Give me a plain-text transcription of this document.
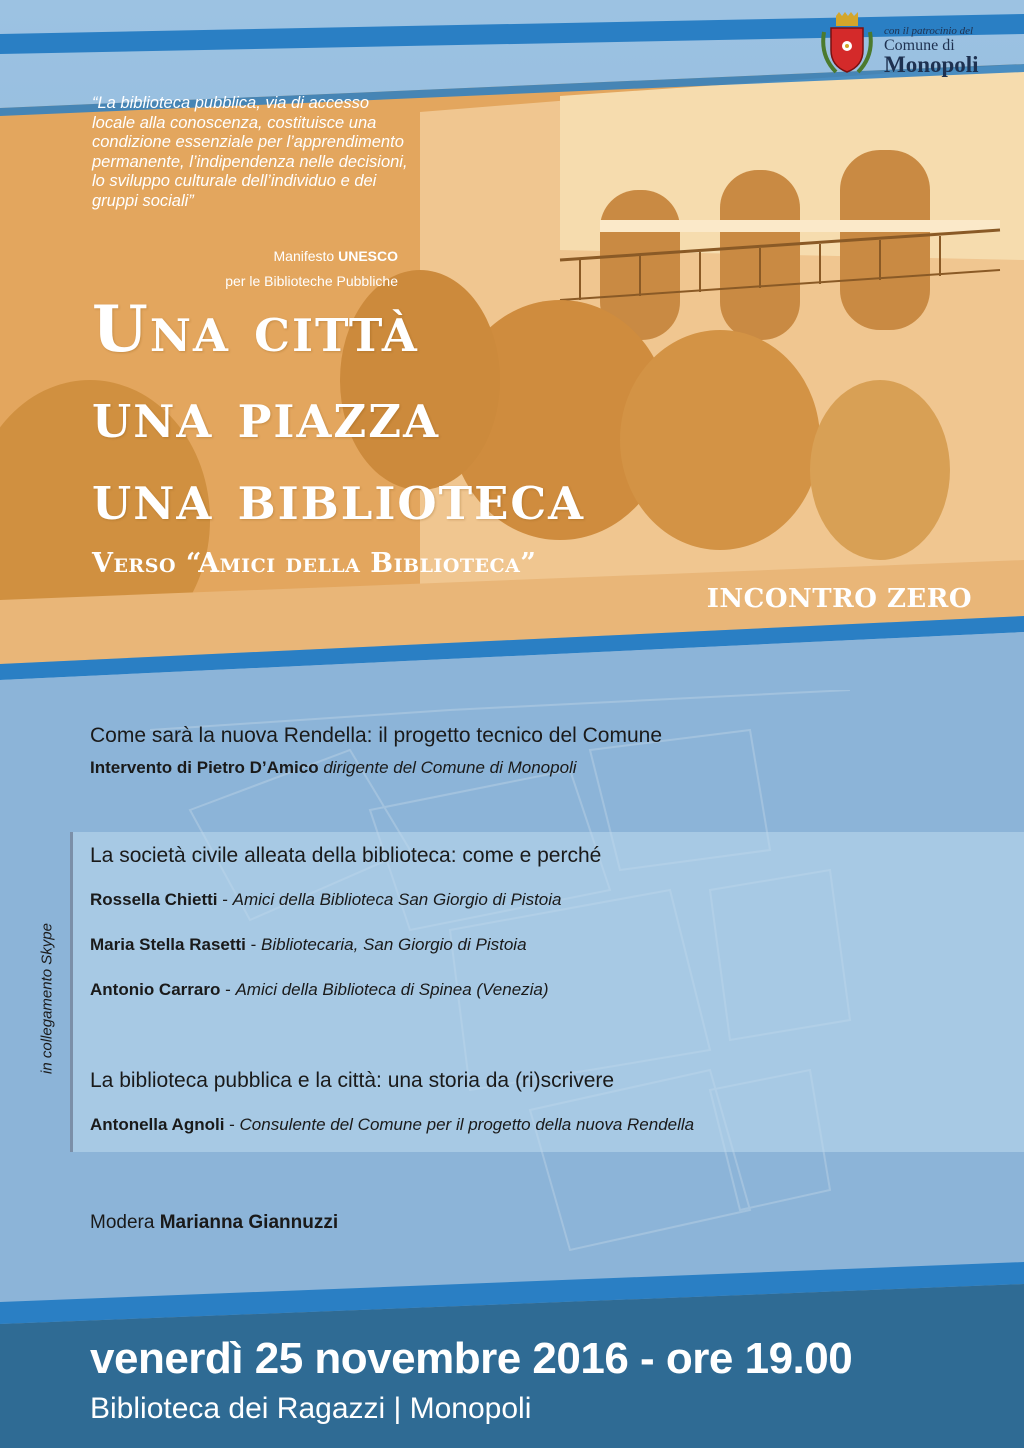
con il patrocinio del
Comune di
Monopoli
“La biblioteca pubblica, via di accesso locale alla conoscenza, costituisce una condizione essenziale per l’apprendimento permanente, l’indipendenza nelle decisioni, lo sviluppo culturale dell’individuo e dei gruppi sociali”
Manifesto UNESCO
per le Biblioteche Pubbliche
Una città
una piazza
una biblioteca
Verso “Amici della Biblioteca”
INCONTRO ZERO
Come sarà la nuova Rendella: il progetto tecnico del Comune
Intervento di Pietro D’Amico dirigente del Comune di Monopoli
in collegamento Skype
La società civile alleata della biblioteca: come e perché
Rossella Chietti - Amici della Biblioteca San Giorgio di Pistoia
Maria Stella Rasetti - Bibliotecaria, San Giorgio di Pistoia
Antonio Carraro - Amici della Biblioteca di Spinea (Venezia)
La biblioteca pubblica e la città: una storia da (ri)scrivere
Antonella Agnoli - Consulente del Comune per il progetto della nuova Rendella
Modera Marianna Giannuzzi
venerdì 25 novembre 2016 - ore 19.00
Biblioteca dei Ragazzi | Monopoli
